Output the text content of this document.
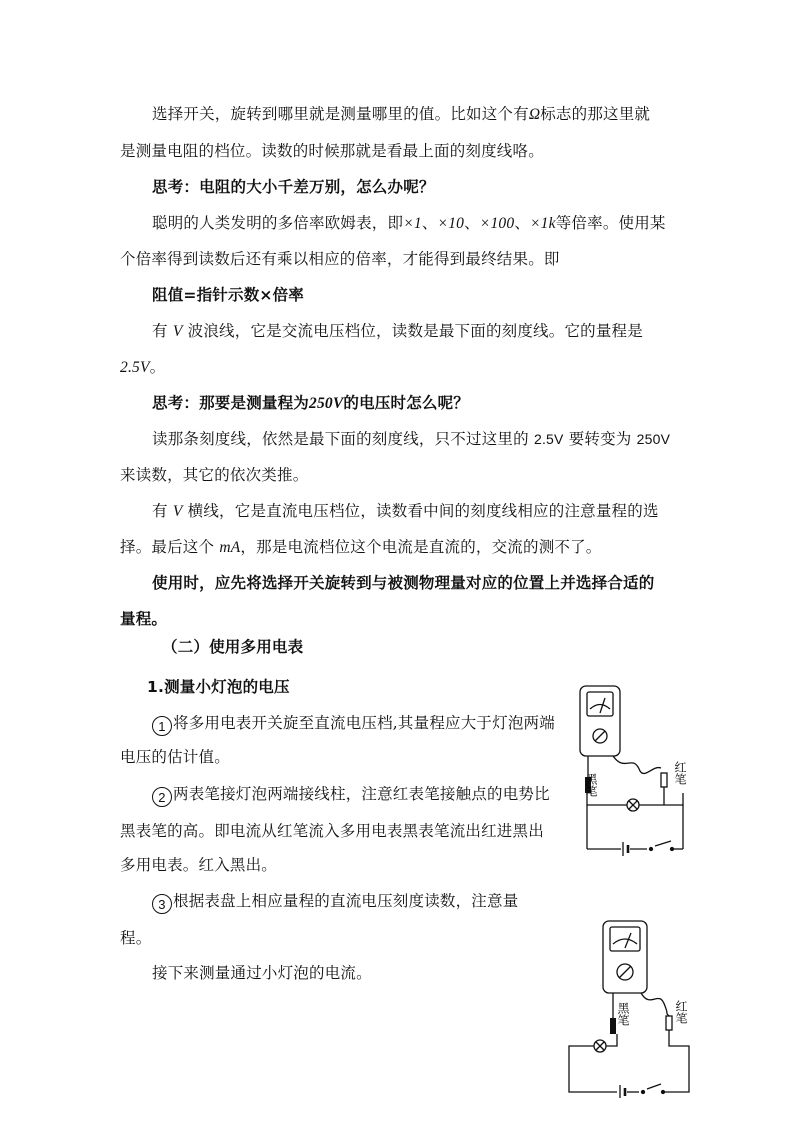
选择开关，旋转到哪里就是测量哪里的值。比如这个有Ω标志的那这里就
是测量电阻的档位。读数的时候那就是看最上面的刻度线咯。
思考：电阻的大小千差万别，怎么办呢？
聪明的人类发明的多倍率欧姆表，即×1、×10、×100、×1k等倍率。使用某
个倍率得到读数后还有乘以相应的倍率，才能得到最终结果。即
阻值=指针示数×倍率
有 V 波浪线，它是交流电压档位，读数是最下面的刻度线。它的量程是
2.5V。
思考：那要是测量程为250V的电压时怎么呢？
读那条刻度线，依然是最下面的刻度线，只不过这里的 2.5V 要转变为 250V
来读数，其它的依次类推。
有 V 横线，它是直流电压档位，读数看中间的刻度线相应的注意量程的选
择。最后这个 mA，那是电流档位这个电流是直流的，交流的测不了。
使用时，应先将选择开关旋转到与被测物理量对应的位置上并选择合适的
量程。
（二）使用多用电表
1.测量小灯泡的电压
1 将多用电表开关旋至直流电压档,其量程应大于灯泡两端
电压的估计值。
2 两表笔接灯泡两端接线柱，注意红表笔接触点的电势比
黑表笔的高。即电流从红笔流入多用电表黑表笔流出红进黑出
多用电表。红入黑出。
3 根据表盘上相应量程的直流电压刻度读数，注意量
程。
接下来测量通过小灯泡的电流。
黑笔	红笔
黑笔	红笔
